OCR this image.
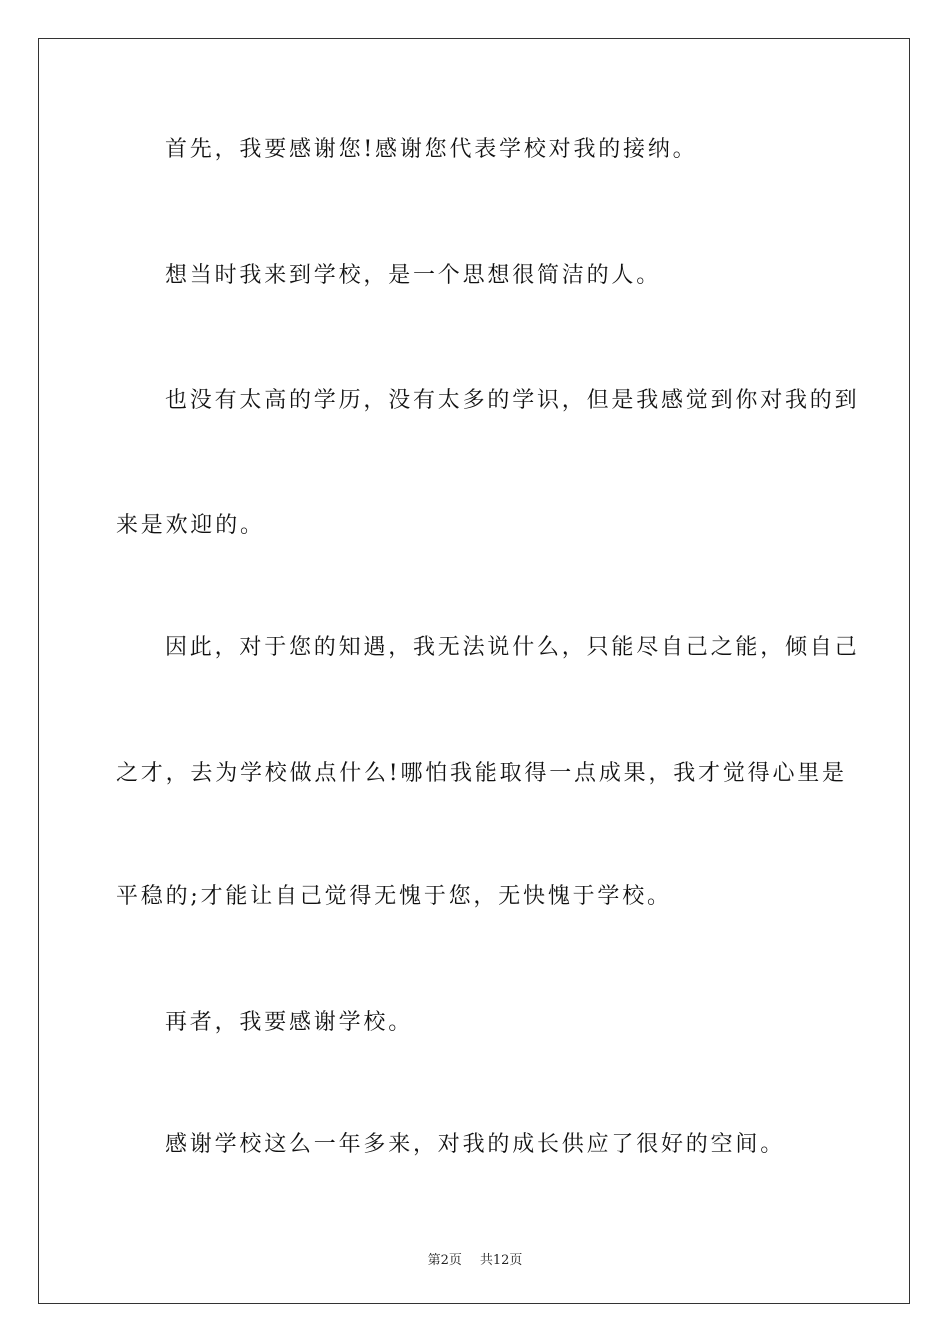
首先，我要感谢您!感谢您代表学校对我的接纳。
想当时我来到学校，是一个思想很简洁的人。
也没有太高的学历，没有太多的学识，但是我感觉到你对我的到
来是欢迎的。
因此，对于您的知遇，我无法说什么，只能尽自己之能，倾自己
之才，去为学校做点什么!哪怕我能取得一点成果，我才觉得心里是
平稳的;才能让自己觉得无愧于您，无快愧于学校。
再者，我要感谢学校。
感谢学校这么一年多来，对我的成长供应了很好的空间。
第2页 共12页
